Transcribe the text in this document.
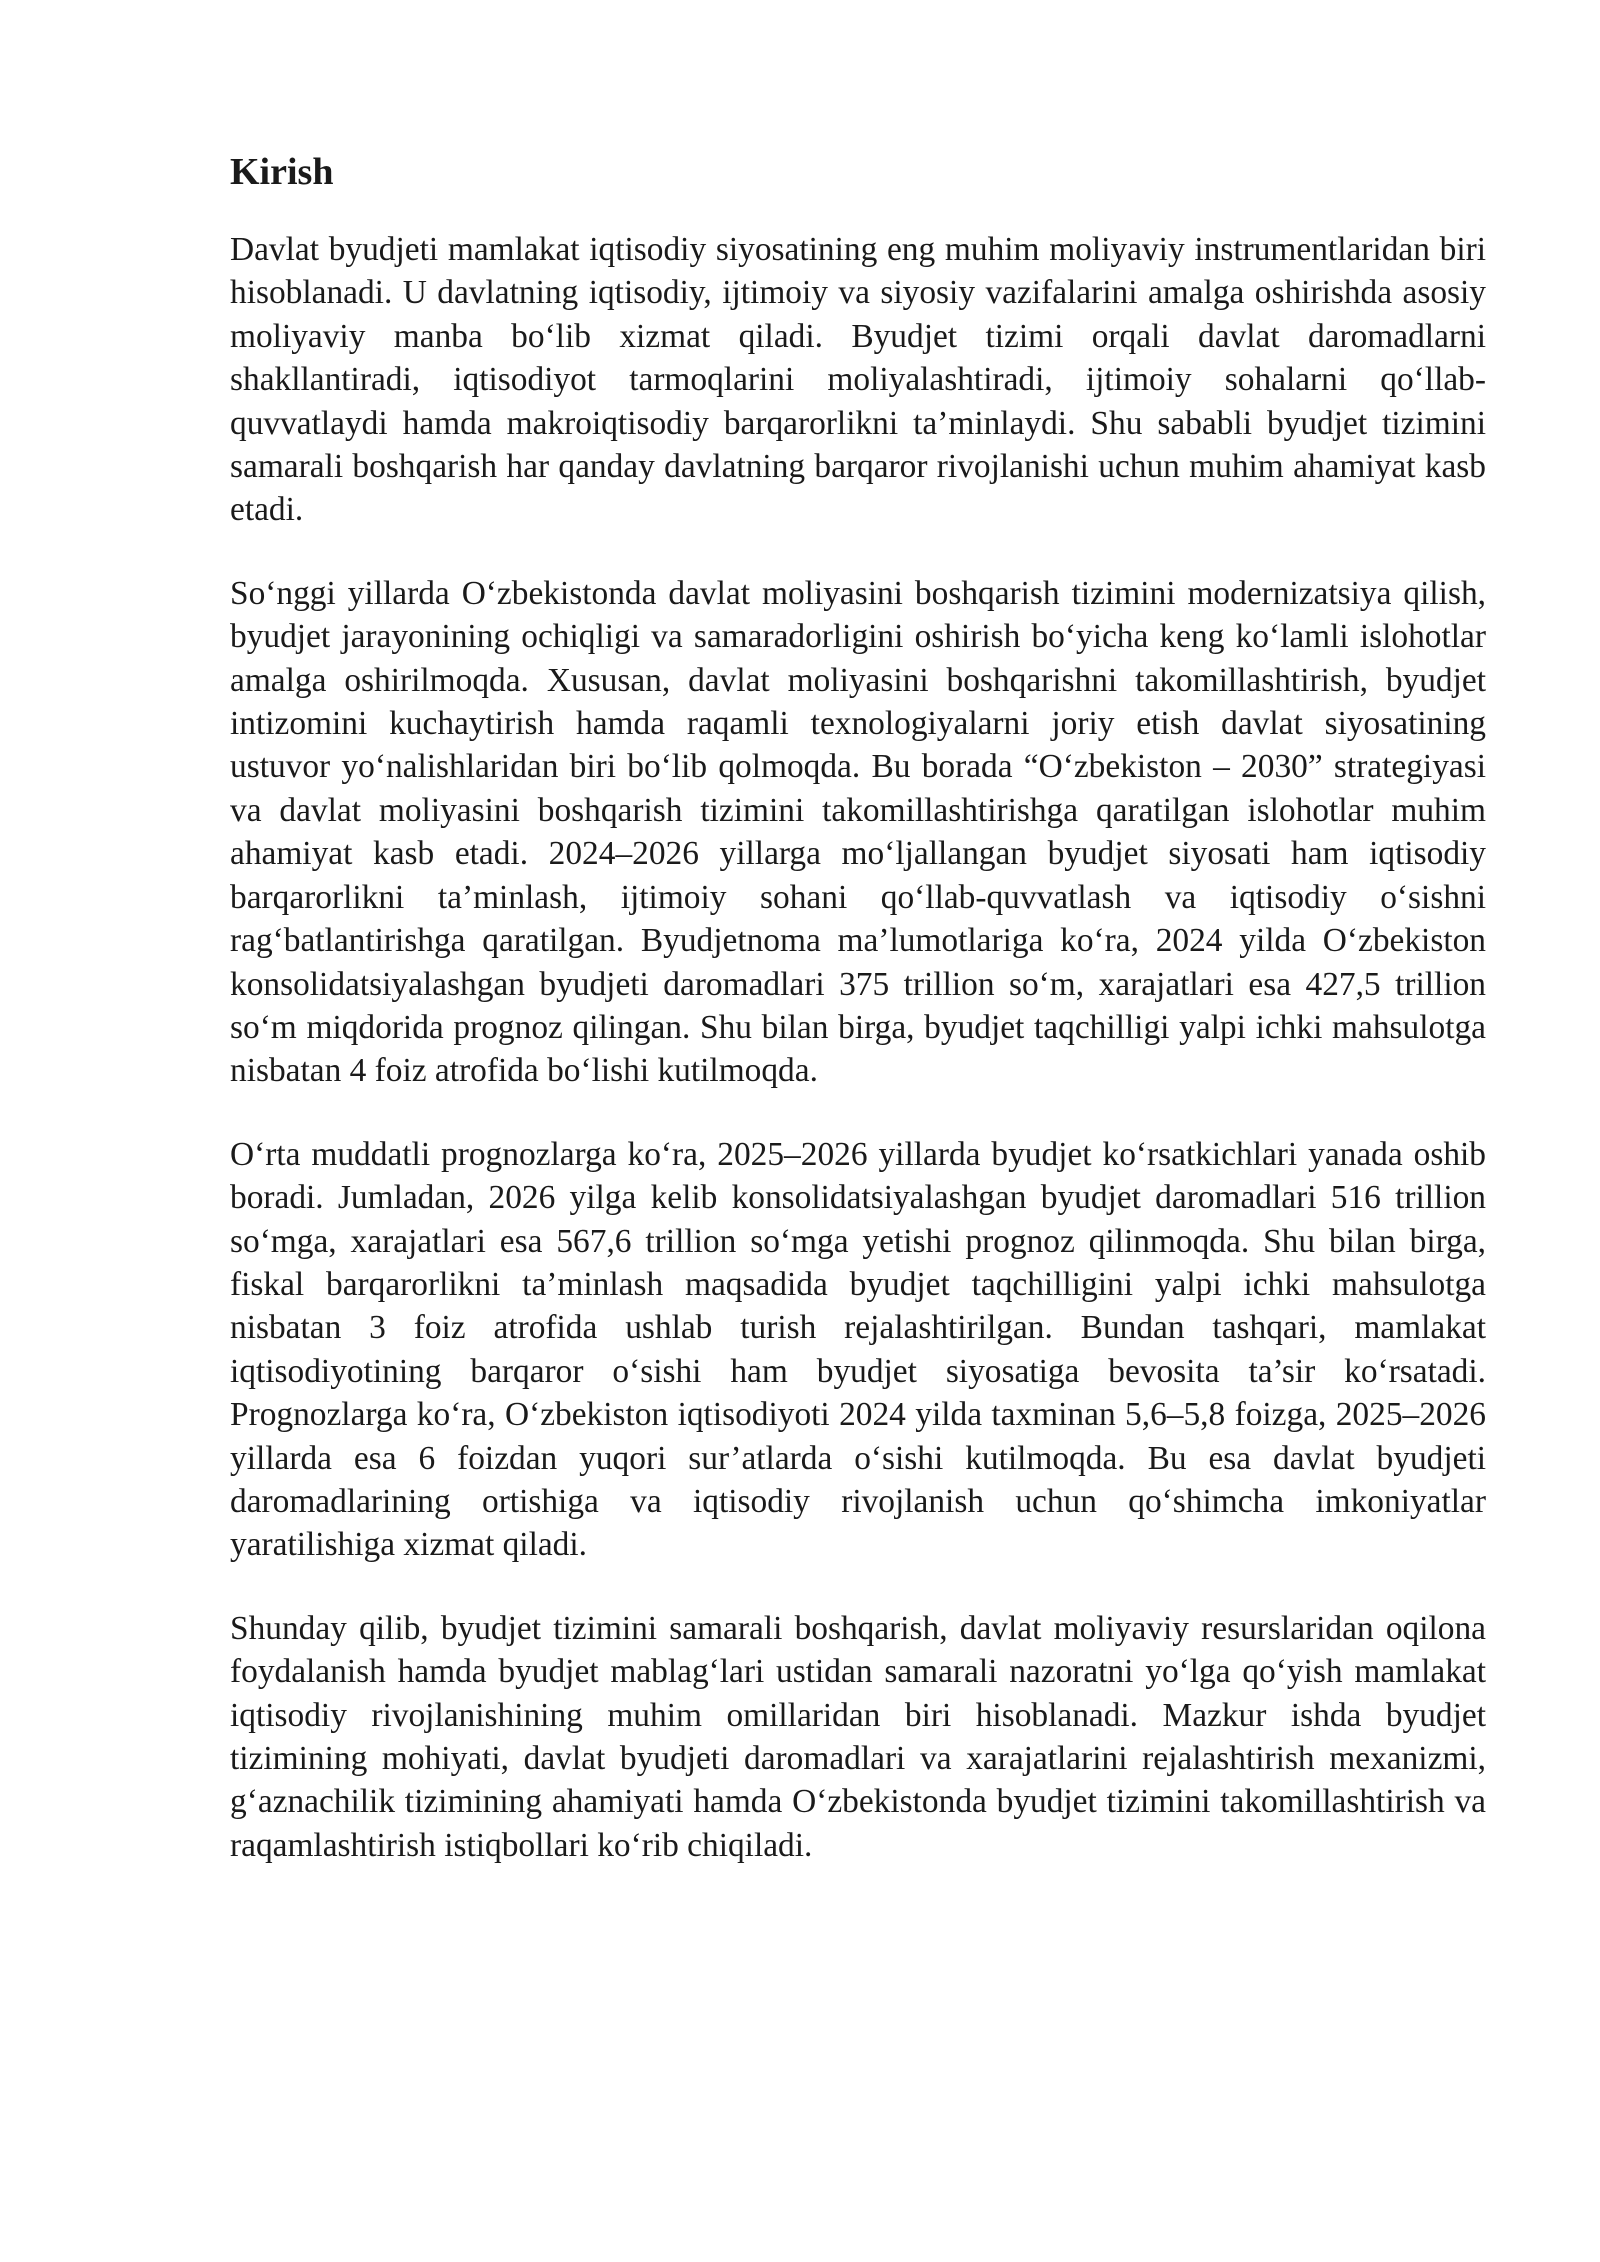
Kirish

Davlat byudjeti mamlakat iqtisodiy siyosatining eng muhim moliyaviy instrumentlaridan biri hisoblanadi. U davlatning iqtisodiy, ijtimoiy va siyosiy vazifalarini amalga oshirishda asosiy moliyaviy manba bo‘lib xizmat qiladi. Byudjet tizimi orqali davlat daromadlarni shakllantiradi, iqtisodiyot tarmoqlarini moliyalashtiradi, ijtimoiy sohalarni qo‘llab-quvvatlaydi hamda makroiqtisodiy barqarorlikni ta’minlaydi. Shu sababli byudjet tizimini samarali boshqarish har qanday davlatning barqaror rivojlanishi uchun muhim ahamiyat kasb etadi.

So‘nggi yillarda O‘zbekistonda davlat moliyasini boshqarish tizimini modernizatsiya qilish, byudjet jarayonining ochiqligi va samaradorligini oshirish bo‘yicha keng ko‘lamli islohotlar amalga oshirilmoqda. Xususan, davlat moliyasini boshqarishni takomillashtirish, byudjet intizomini kuchaytirish hamda raqamli texnologiyalarni joriy etish davlat siyosatining ustuvor yo‘nalishlaridan biri bo‘lib qolmoqda. Bu borada “O‘zbekiston – 2030” strategiyasi va davlat moliyasini boshqarish tizimini takomillashtirishga qaratilgan islohotlar muhim ahamiyat kasb etadi. 2024–2026 yillarga mo‘ljallangan byudjet siyosati ham iqtisodiy barqarorlikni ta’minlash, ijtimoiy sohani qo‘llab-quvvatlash va iqtisodiy o‘sishni rag‘batlantirishga qaratilgan. Byudjetnoma ma’lumotlariga ko‘ra, 2024 yilda O‘zbekiston konsolidatsiyalashgan byudjeti daromadlari 375 trillion so‘m, xarajatlari esa 427,5 trillion so‘m miqdorida prognoz qilingan. Shu bilan birga, byudjet taqchilligi yalpi ichki mahsulotga nisbatan 4 foiz atrofida bo‘lishi kutilmoqda.

O‘rta muddatli prognozlarga ko‘ra, 2025–2026 yillarda byudjet ko‘rsatkichlari yanada oshib boradi. Jumladan, 2026 yilga kelib konsolidatsiyalashgan byudjet daromadlari 516 trillion so‘mga, xarajatlari esa 567,6 trillion so‘mga yetishi prognoz qilinmoqda. Shu bilan birga, fiskal barqarorlikni ta’minlash maqsadida byudjet taqchilligini yalpi ichki mahsulotga nisbatan 3 foiz atrofida ushlab turish rejalashtirilgan. Bundan tashqari, mamlakat iqtisodiyotining barqaror o‘sishi ham byudjet siyosatiga bevosita ta’sir ko‘rsatadi. Prognozlarga ko‘ra, O‘zbekiston iqtisodiyoti 2024 yilda taxminan 5,6–5,8 foizga, 2025–2026 yillarda esa 6 foizdan yuqori sur’atlarda o‘sishi kutilmoqda. Bu esa davlat byudjeti daromadlarining ortishiga va iqtisodiy rivojlanish uchun qo‘shimcha imkoniyatlar yaratilishiga xizmat qiladi.

Shunday qilib, byudjet tizimini samarali boshqarish, davlat moliyaviy resurslaridan oqilona foydalanish hamda byudjet mablag‘lari ustidan samarali nazoratni yo‘lga qo‘yish mamlakat iqtisodiy rivojlanishining muhim omillaridan biri hisoblanadi. Mazkur ishda byudjet tizimining mohiyati, davlat byudjeti daromadlari va xarajatlarini rejalashtirish mexanizmi, g‘aznachilik tizimining ahamiyati hamda O‘zbekistonda byudjet tizimini takomillashtirish va raqamlashtirish istiqbollari ko‘rib chiqiladi.
